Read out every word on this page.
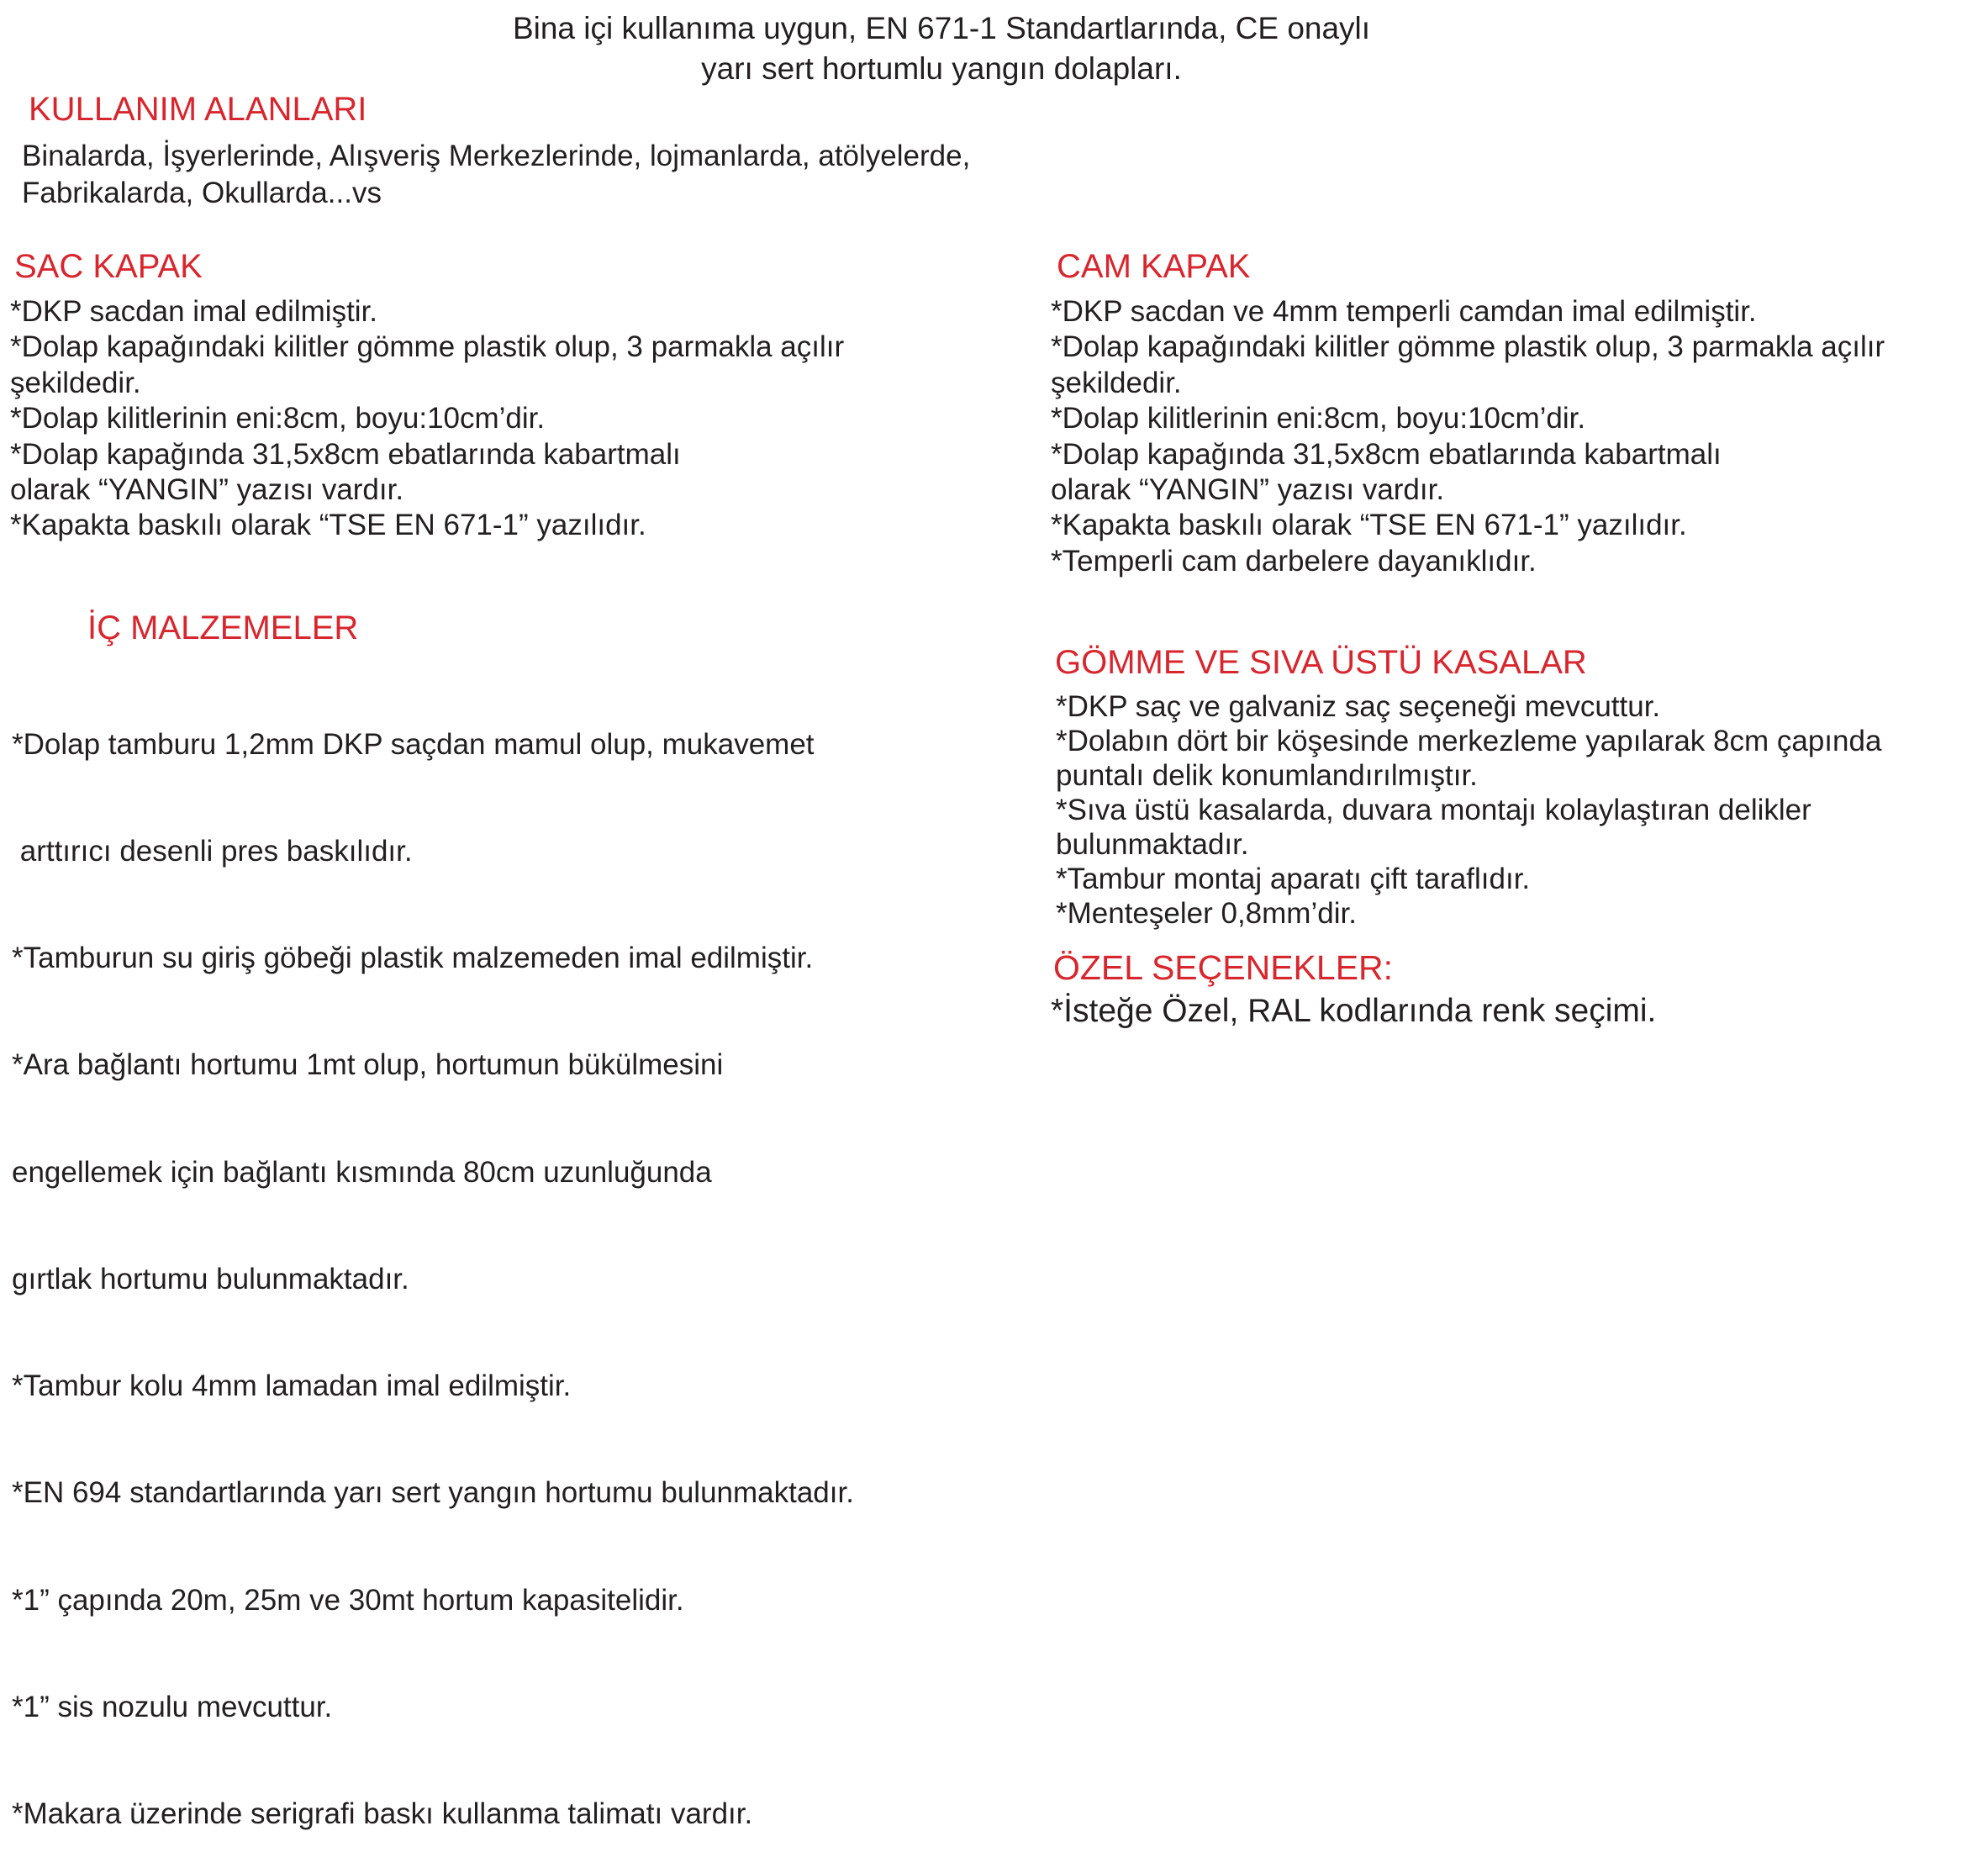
Bina içi kullanıma uygun, EN 671-1 Standartlarında, CE onaylı
yarı sert hortumlu yangın dolapları.
KULLANIM ALANLARI
Binalarda, İşyerlerinde, Alışveriş Merkezlerinde, lojmanlarda, atölyelerde,
Fabrikalarda, Okullarda...vs
SAC KAPAK
*DKP sacdan imal edilmiştir.
*Dolap kapağındaki kilitler gömme plastik olup, 3 parmakla açılır
şekildedir.
*Dolap kilitlerinin eni:8cm, boyu:10cm’dir.
*Dolap kapağında 31,5x8cm ebatlarında kabartmalı
olarak “YANGIN” yazısı vardır.
*Kapakta baskılı olarak “TSE EN 671-1” yazılıdır.
CAM KAPAK
*DKP sacdan ve 4mm temperli camdan imal edilmiştir.
*Dolap kapağındaki kilitler gömme plastik olup, 3 parmakla açılır
şekildedir.
*Dolap kilitlerinin eni:8cm, boyu:10cm’dir.
*Dolap kapağında 31,5x8cm ebatlarında kabartmalı
olarak “YANGIN” yazısı vardır.
*Kapakta baskılı olarak “TSE EN 671-1” yazılıdır.
*Temperli cam darbelere dayanıklıdır.
İÇ MALZEMELER

*Dolap tamburu 1,2mm DKP saçdan mamul olup, mukavemet

arttırıcı desenli pres baskılıdır.

*Tamburun su giriş göbeği plastik malzemeden imal edilmiştir.

*Ara bağlantı hortumu 1mt olup, hortumun bükülmesini

engellemek için bağlantı kısmında 80cm uzunluğunda

gırtlak hortumu bulunmaktadır.

*Tambur kolu 4mm lamadan imal edilmiştir.

*EN 694 standartlarında yarı sert yangın hortumu bulunmaktadır.

*1” çapında 20m, 25m ve 30mt hortum kapasitelidir.

*1” sis nozulu mevcuttur.

*Makara üzerinde serigrafi baskı kullanma talimatı vardır.

GÖMME VE SIVA ÜSTÜ KASALAR
*DKP saç ve galvaniz saç seçeneği mevcuttur.
*Dolabın dört bir köşesinde merkezleme yapılarak 8cm çapında
puntalı delik konumlandırılmıştır.
*Sıva üstü kasalarda, duvara montajı kolaylaştıran delikler
bulunmaktadır.
*Tambur montaj aparatı çift taraflıdır.
*Menteşeler 0,8mm’dir.
ÖZEL SEÇENEKLER:
*İsteğe Özel, RAL kodlarında renk seçimi.
